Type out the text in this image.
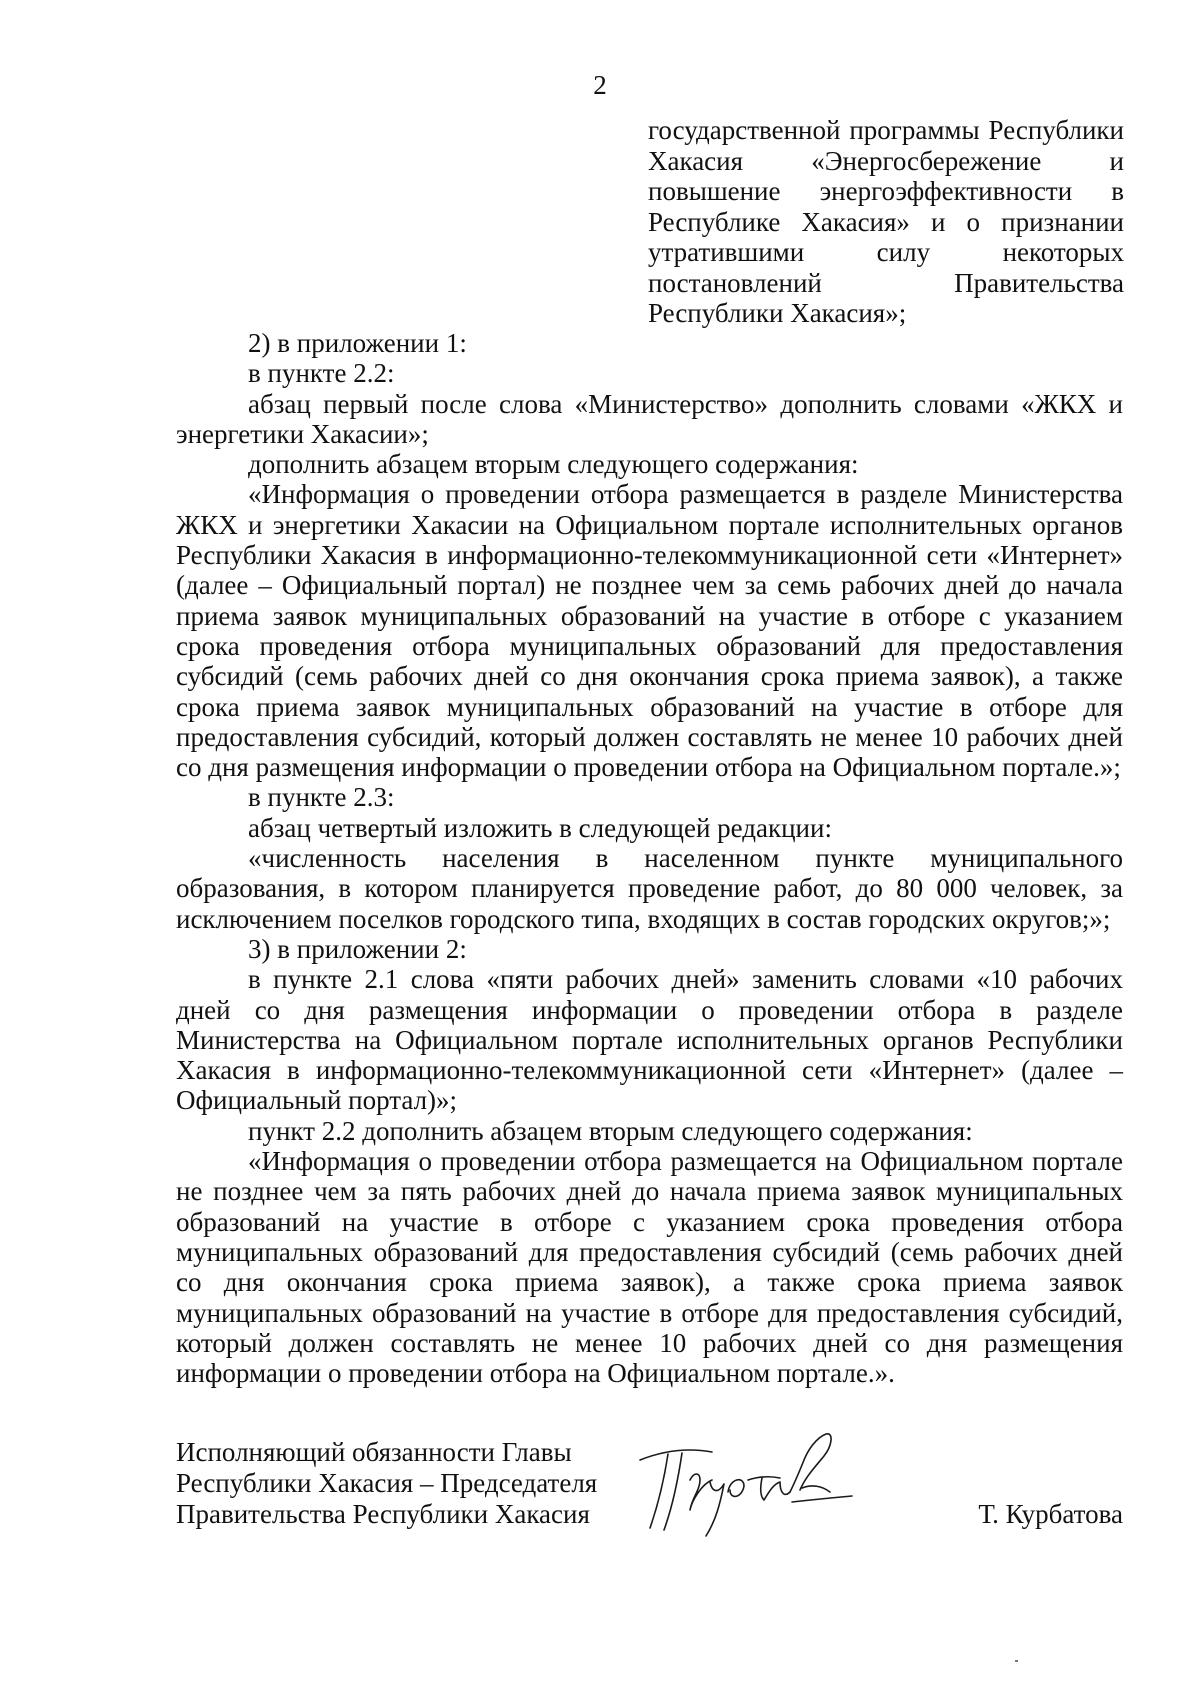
2
государственной программы Республики
Хакасия «Энергосбережение и
повышение энергоэффективности в
Республике Хакасия» и о признании
утратившими силу некоторых
постановлений Правительства
Республики Хакасия»;

2) в приложении 1:

в пункте 2.2:

абзац первый после слова «Министерство» дополнить словами «ЖКХ и энергетики Хакасии»;

дополнить абзацем вторым следующего содержания:

«Информация о проведении отбора размещается в разделе Министерства ЖКХ и энергетики Хакасии на Официальном портале исполнительных органов Республики Хакасия в информационно-телекоммуникационной сети «Интернет» (далее – Официальный портал) не позднее чем за семь рабочих дней до начала приема заявок муниципальных образований на участие в отборе с указанием срока проведения отбора муниципальных образований для предоставления субсидий (семь рабочих дней со дня окончания срока приема заявок), а также срока приема заявок муниципальных образований на участие в отборе для предоставления субсидий, который должен составлять не менее 10 рабочих дней со дня размещения информации о проведении отбора на Официальном портале.»;

в пункте 2.3:

абзац четвертый изложить в следующей редакции:

«численность населения в населенном пункте муниципального образования, в котором планируется проведение работ, до 80 000 человек, за исключением поселков городского типа, входящих в состав городских округов;»;

3) в приложении 2:

в пункте 2.1 слова «пяти рабочих дней» заменить словами «10 рабочих дней со дня размещения информации о проведении отбора в разделе Министерства на Официальном портале исполнительных органов Республики Хакасия в информационно-телекоммуникационной сети «Интернет» (далее – Официальный портал)»;

пункт 2.2 дополнить абзацем вторым следующего содержания:

«Информация о проведении отбора размещается на Официальном портале не позднее чем за пять рабочих дней до начала приема заявок муниципальных образований на участие в отборе с указанием срока проведения отбора муниципальных образований для предоставления субсидий (семь рабочих дней со дня окончания срока приема заявок), а также срока приема заявок муниципальных образований на участие в отборе для предоставления субсидий, который должен составлять не менее 10 рабочих дней со дня размещения информации о проведении отбора на Официальном портале.».

Исполняющий обязанности Главы
Республики Хакасия – Председателя
Правительства Республики Хакасия	Т. Курбатова
